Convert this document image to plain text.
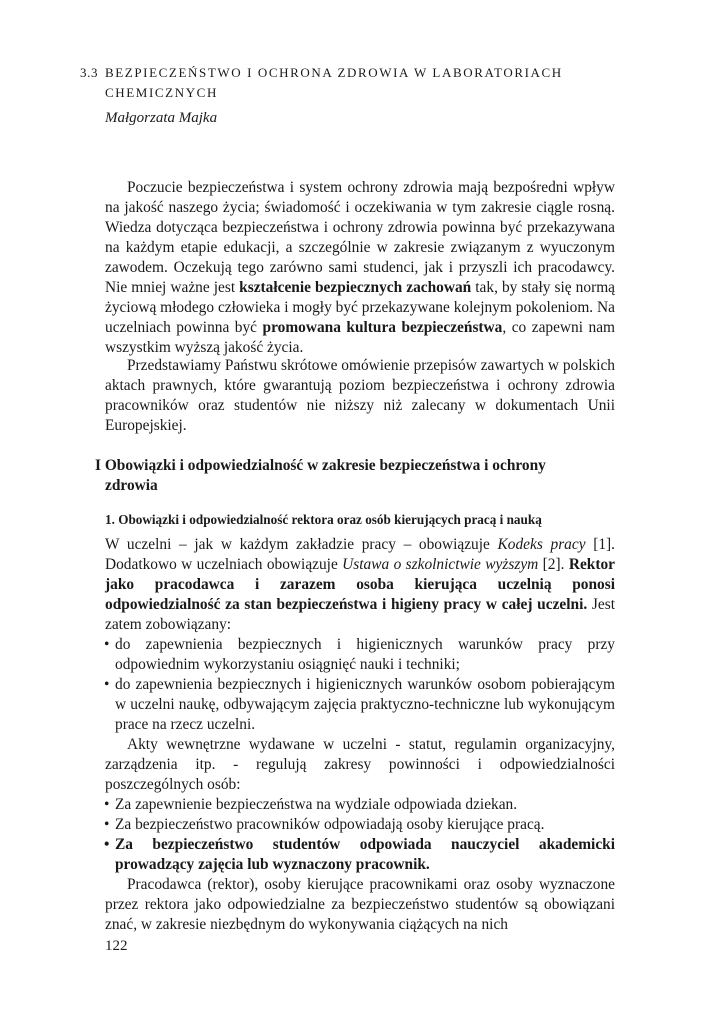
3.3 BEZPIECZEŃSTWO I OCHRONA ZDROWIA W LABORATORIACH
CHEMICZNYCH
Małgorzata Majka

Poczucie bezpieczeństwa i system ochrony zdrowia mają bezpośredni wpływ na jakość naszego życia; świadomość i oczekiwania w tym zakresie ciągle rosną. Wiedza dotycząca bezpieczeństwa i ochrony zdrowia powinna być przekazywana na każdym etapie edukacji, a szczególnie w zakresie związanym z wyuczonym zawodem. Oczekują tego zarówno sami studenci, jak i przyszli ich pracodawcy. Nie mniej ważne jest kształcenie bezpiecznych zachowań tak, by stały się normą życiową młodego człowieka i mogły być przekazywane kolejnym pokoleniom. Na uczelniach powinna być promowana kultura bezpieczeństwa, co zapewni nam wszystkim wyższą jakość życia.

Przedstawiamy Państwu skrótowe omówienie przepisów zawartych w polskich aktach prawnych, które gwarantują poziom bezpieczeństwa i ochrony zdrowia pracowników oraz studentów nie niższy niż zalecany w dokumentach Unii Europejskiej.

I Obowiązki i odpowiedzialność w zakresie bezpieczeństwa i ochrony
zdrowia
1. Obowiązki i odpowiedzialność rektora oraz osób kierujących pracą i nauką

W uczelni – jak w każdym zakładzie pracy – obowiązuje Kodeks pracy [1]. Dodatkowo w uczelniach obowiązuje Ustawa o szkolnictwie wyższym [2]. Rektor jako pracodawca i zarazem osoba kierująca uczelnią ponosi odpowiedzialność za stan bezpieczeństwa i higieny pracy w całej uczelni. Jest zatem zobowiązany:

• do zapewnienia bezpiecznych i higienicznych warunków pracy przy odpowiednim wykorzystaniu osiągnięć nauki i techniki;
• do zapewnienia bezpiecznych i higienicznych warunków osobom pobierającym w uczelni naukę, odbywającym zajęcia praktyczno-techniczne lub wykonującym prace na rzecz uczelni.

Akty wewnętrzne wydawane w uczelni - statut, regulamin organizacyjny, zarządzenia itp. - regulują zakresy powinności i odpowiedzialności poszczególnych osób:

• Za zapewnienie bezpieczeństwa na wydziale odpowiada dziekan.
• Za bezpieczeństwo pracowników odpowiadają osoby kierujące pracą.
• Za bezpieczeństwo studentów odpowiada nauczyciel akademicki prowadzący zajęcia lub wyznaczony pracownik.

Pracodawca (rektor), osoby kierujące pracownikami oraz osoby wyznaczone przez rektora jako odpowiedzialne za bezpieczeństwo studentów są obowiązani znać, w zakresie niezbędnym do wykonywania ciążących na nich

122
